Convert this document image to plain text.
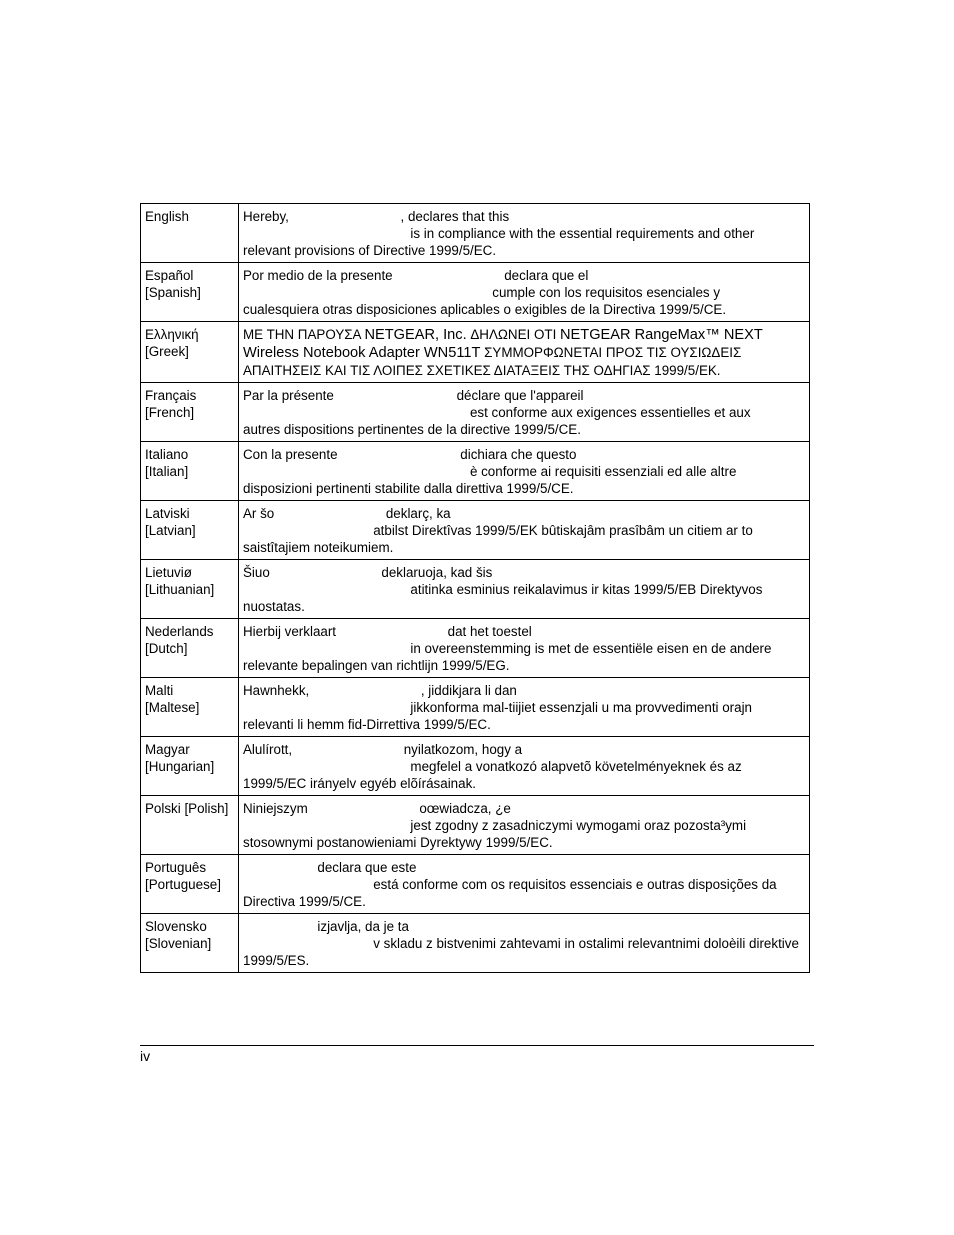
English	Hereby,                              , declares that this
is in compliance with the essential requirements and other
relevant provisions of Directive 1999/5/EC.

Español
[Spanish]	Por medio de la presente                              declara que el
cumple con los requisitos esenciales y
cualesquiera otras disposiciones aplicables o exigibles de la Directiva 1999/5/CE.

Ελληνική
[Greek]	ΜΕ ΤΗΝ ΠΑΡΟΥΣΑ NETGEAR, Inc. ΔΗΛΩΝΕΙ ΟΤΙ NETGEAR RangeMax™ NEXT
Wireless Notebook Adapter WN511T ΣΥΜΜΟΡΦΩΝΕΤΑΙ ΠΡΟΣ ΤΙΣ ΟΥΣΙΩΔΕΙΣ
ΑΠΑΙΤΗΣΕΙΣ ΚΑΙ ΤΙΣ ΛΟΙΠΕΣ ΣΧΕΤΙΚΕΣ ΔΙΑΤΑΞΕΙΣ ΤΗΣ ΟΔΗΓΙΑΣ 1999/5/ΕΚ.

Français
[French]	Par la présente                                 déclare que l'appareil
est conforme aux exigences essentielles et aux
autres dispositions pertinentes de la directive 1999/5/CE.

Italiano
[Italian]	Con la presente                                 dichiara che questo
è conforme ai requisiti essenziali ed alle altre
disposizioni pertinenti stabilite dalla direttiva 1999/5/CE.

Latviski
[Latvian]	Ar šo                              deklarç, ka
atbilst Direktîvas 1999/5/EK bûtiskajâm prasîbâm un citiem ar to
saistîtajiem noteikumiem.

Lietuviø
[Lithuanian]	Šiuo                              deklaruoja, kad šis
atitinka esminius reikalavimus ir kitas 1999/5/EB Direktyvos
nuostatas.

Nederlands
[Dutch]	Hierbij verklaart                              dat het toestel
in overeenstemming is met de essentiële eisen en de andere
relevante bepalingen van richtlijn 1999/5/EG.

Malti
[Maltese]	Hawnhekk,                              , jiddikjara li dan
jikkonforma mal-tiijiet essenzjali u ma provvedimenti orajn
relevanti li hemm fid-Dirrettiva 1999/5/EC.

Magyar
[Hungarian]	Alulírott,                              nyilatkozom, hogy a
megfelel a vonatkozó alapvetõ követelményeknek és az
1999/5/EC irányelv egyéb elõírásainak.

Polski [Polish]	Niniejszym                              oœwiadcza, ¿e
jest zgodny z zasadniczymi wymogami oraz pozosta³ymi
stosownymi postanowieniami Dyrektywy 1999/5/EC.

Português
[Portuguese]	declara que este
está conforme com os requisitos essenciais e outras disposições da
Directiva 1999/5/CE.

Slovensko
[Slovenian]	izjavlja, da je ta
v skladu z bistvenimi zahtevami in ostalimi relevantnimi doloèili direktive
1999/5/ES.
iv
